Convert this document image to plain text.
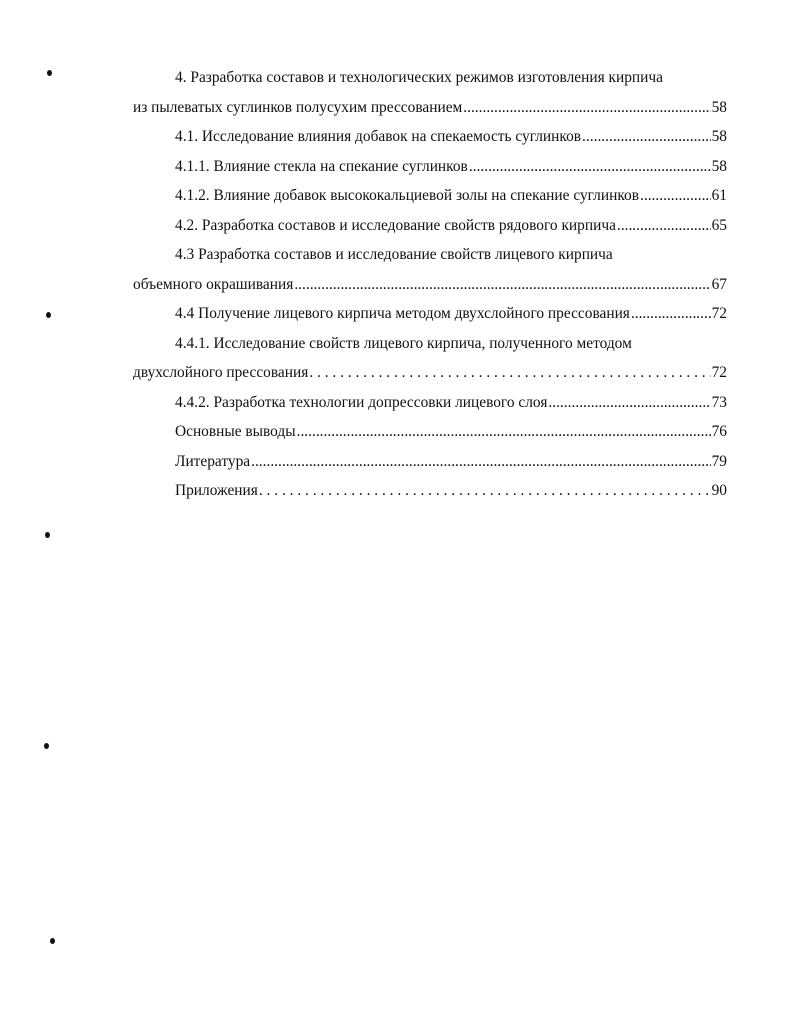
4. Разработка составов и технологических режимов изготовления кирпича
из пылеватых суглинков полусухим прессованием .....	58
4.1. Исследование влияния добавок на спекаемость суглинков .....	58
4.1.1. Влияние стекла на спекание суглинков .....	58
4.1.2. Влияние добавок высококальциевой золы на спекание суглинков .....	61
4.2. Разработка составов и исследование свойств рядового кирпича .....	65
4.3 Разработка составов и исследование свойств лицевого кирпича
объемного окрашивания .....	67
4.4 Получение лицевого кирпича методом двухслойного прессования .....	72
4.4.1. Исследование свойств лицевого кирпича, полученного методом
двухслойного прессования . . .	72
4.4.2. Разработка технологии допрессовки лицевого слоя .....	73
Основные выводы .....	76
Литература .....	79
Приложения . . .	90
